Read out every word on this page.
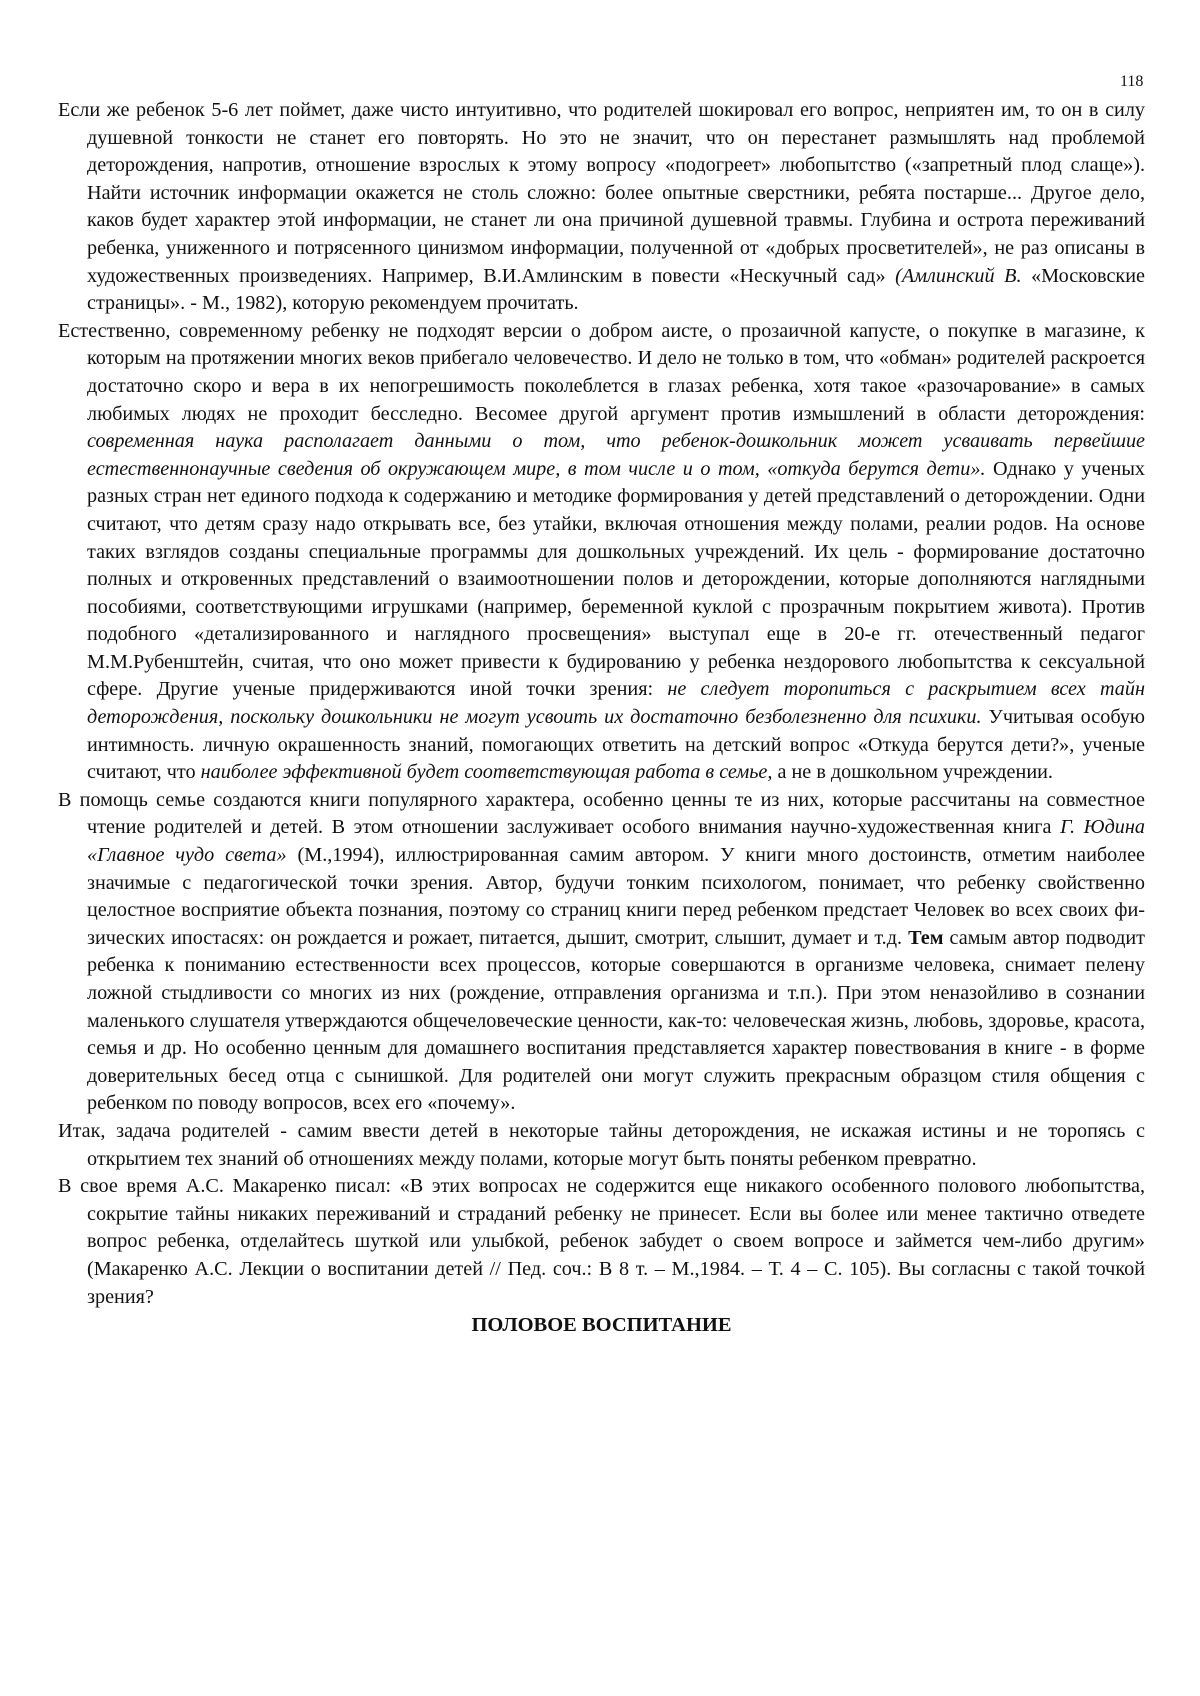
118

Если же ребенок 5-6 лет поймет, даже чисто интуитивно, что родителей шокировал его вопрос, неприятен им, то он в силу душевной тонкости не станет его повторять. Но это не значит, что он перестанет размышлять над проблемой деторождения, напротив, отношение взрослых к этому вопросу «подогреет» любопытство («запретный плод слаще»). Найти источник информации окажется не столь сложно: более опытные сверстники, ребята постарше... Другое дело, каков будет характер этой информации, не станет ли она причиной душевной травмы. Глубина и острота переживаний ребенка, униженного и потрясенного цинизмом информации, полученной от «добрых просветителей», не раз описаны в художественных произведениях. Например, В.И.Амлинским в повести «Нескучный сад» (Амлинский В. «Московские страницы». - М., 1982), которую рекомендуем прочитать.

Естественно, современному ребенку не подходят версии о добром аисте, о прозаичной капусте, о покупке в магазине, к которым на протяжении многих веков прибегало человечество. И дело не только в том, что «обман» родителей раскроется достаточно скоро и вера в их непогрешимость поколеблется в глазах ребенка, хотя такое «разочарование» в самых любимых людях не проходит бесследно. Весомее другой аргумент против измышлений в области деторождения: современная наука располагает данными о том, что ребенок-дошкольник может усваивать первейшие естественнонаучные сведения об окружающем мире, в том числе и о том, «откуда берутся дети». Однако у ученых разных стран нет единого подхода к содержанию и методике формирования у детей представлений о деторождении. Одни считают, что детям сразу надо открывать все, без утайки, включая отношения между полами, реалии родов. На основе таких взглядов созданы специальные программы для дошкольных учреждений. Их цель - формирование достаточно полных и откровенных представлений о взаимоотношении полов и деторождении, которые дополняются наглядными пособиями, соответствующими игрушками (например, беременной куклой с прозрачным покрытием живота). Против подобного «детализированного и наглядного просвещения» выступал еще в 20-е гг. отечественный педагог М.М.Рубенштейн, считая, что оно может привести к будированию у ребенка нездорового любопытства к сексуальной сфере. Другие ученые придерживаются иной точки зрения: не следует торопиться с раскрытием всех тайн деторождения, поскольку дошкольники не могут усвоить их достаточно безболезненно для психики. Учитывая особую интимность. личную окрашенность знаний, помогающих ответить на детский вопрос «Откуда берутся дети?», ученые считают, что наиболее эффективной будет соответствующая работа в семье, а не в дошкольном учреждении.

В помощь семье создаются книги популярного характера, особенно ценны те из них, которые рассчитаны на совместное чтение родителей и детей. В этом отношении заслуживает особого внимания научно-художественная книга Г. Юдина «Главное чудо света» (М.,1994), иллюстрированная самим автором. У книги много достоинств, отметим наиболее значимые с педагогической точки зрения. Автор, будучи тонким психологом, понимает, что ребенку свойственно целостное восприятие объекта познания, поэтому со страниц книги перед ребенком предстает Человек во всех своих физических ипостасях: он рождается и рожает, питается, дышит, смотрит, слышит, думает и т.д. Тем самым автор подводит ребенка к пониманию естественности всех процессов, которые совершаются в организме человека, снимает пелену ложной стыдливости со многих из них (рождение, отправления организма и т.п.). При этом неназойливо в сознании маленького слушателя утверждаются общечеловеческие ценности, как-то: человеческая жизнь, любовь, здоровье, красота, семья и др. Но особенно ценным для домашнего воспитания представляется характер повествования в книге - в форме доверительных бесед отца с сынишкой. Для родителей они могут служить прекрасным образцом стиля общения с ребенком по поводу вопросов, всех его «почему».

Итак, задача родителей - самим ввести детей в некоторые тайны деторождения, не искажая истины и не торопясь с открытием тех знаний об отношениях между полами, которые могут быть поняты ребенком превратно.

В свое время А.С. Макаренко писал: «В этих вопросах не содержится еще никакого особенного полового любопытства, сокрытие тайны никаких переживаний и страданий ребенку не принесет. Если вы более или менее тактично отведете вопрос ребенка, отделайтесь шуткой или улыбкой, ребенок забудет о своем вопросе и займется чем-либо другим» (Макаренко А.С. Лекции о воспитании детей // Пед. соч.: В 8 т. – М.,1984. – Т. 4 – С. 105). Вы согласны с такой точкой зрения?

ПОЛОВОЕ ВОСПИТАНИЕ
